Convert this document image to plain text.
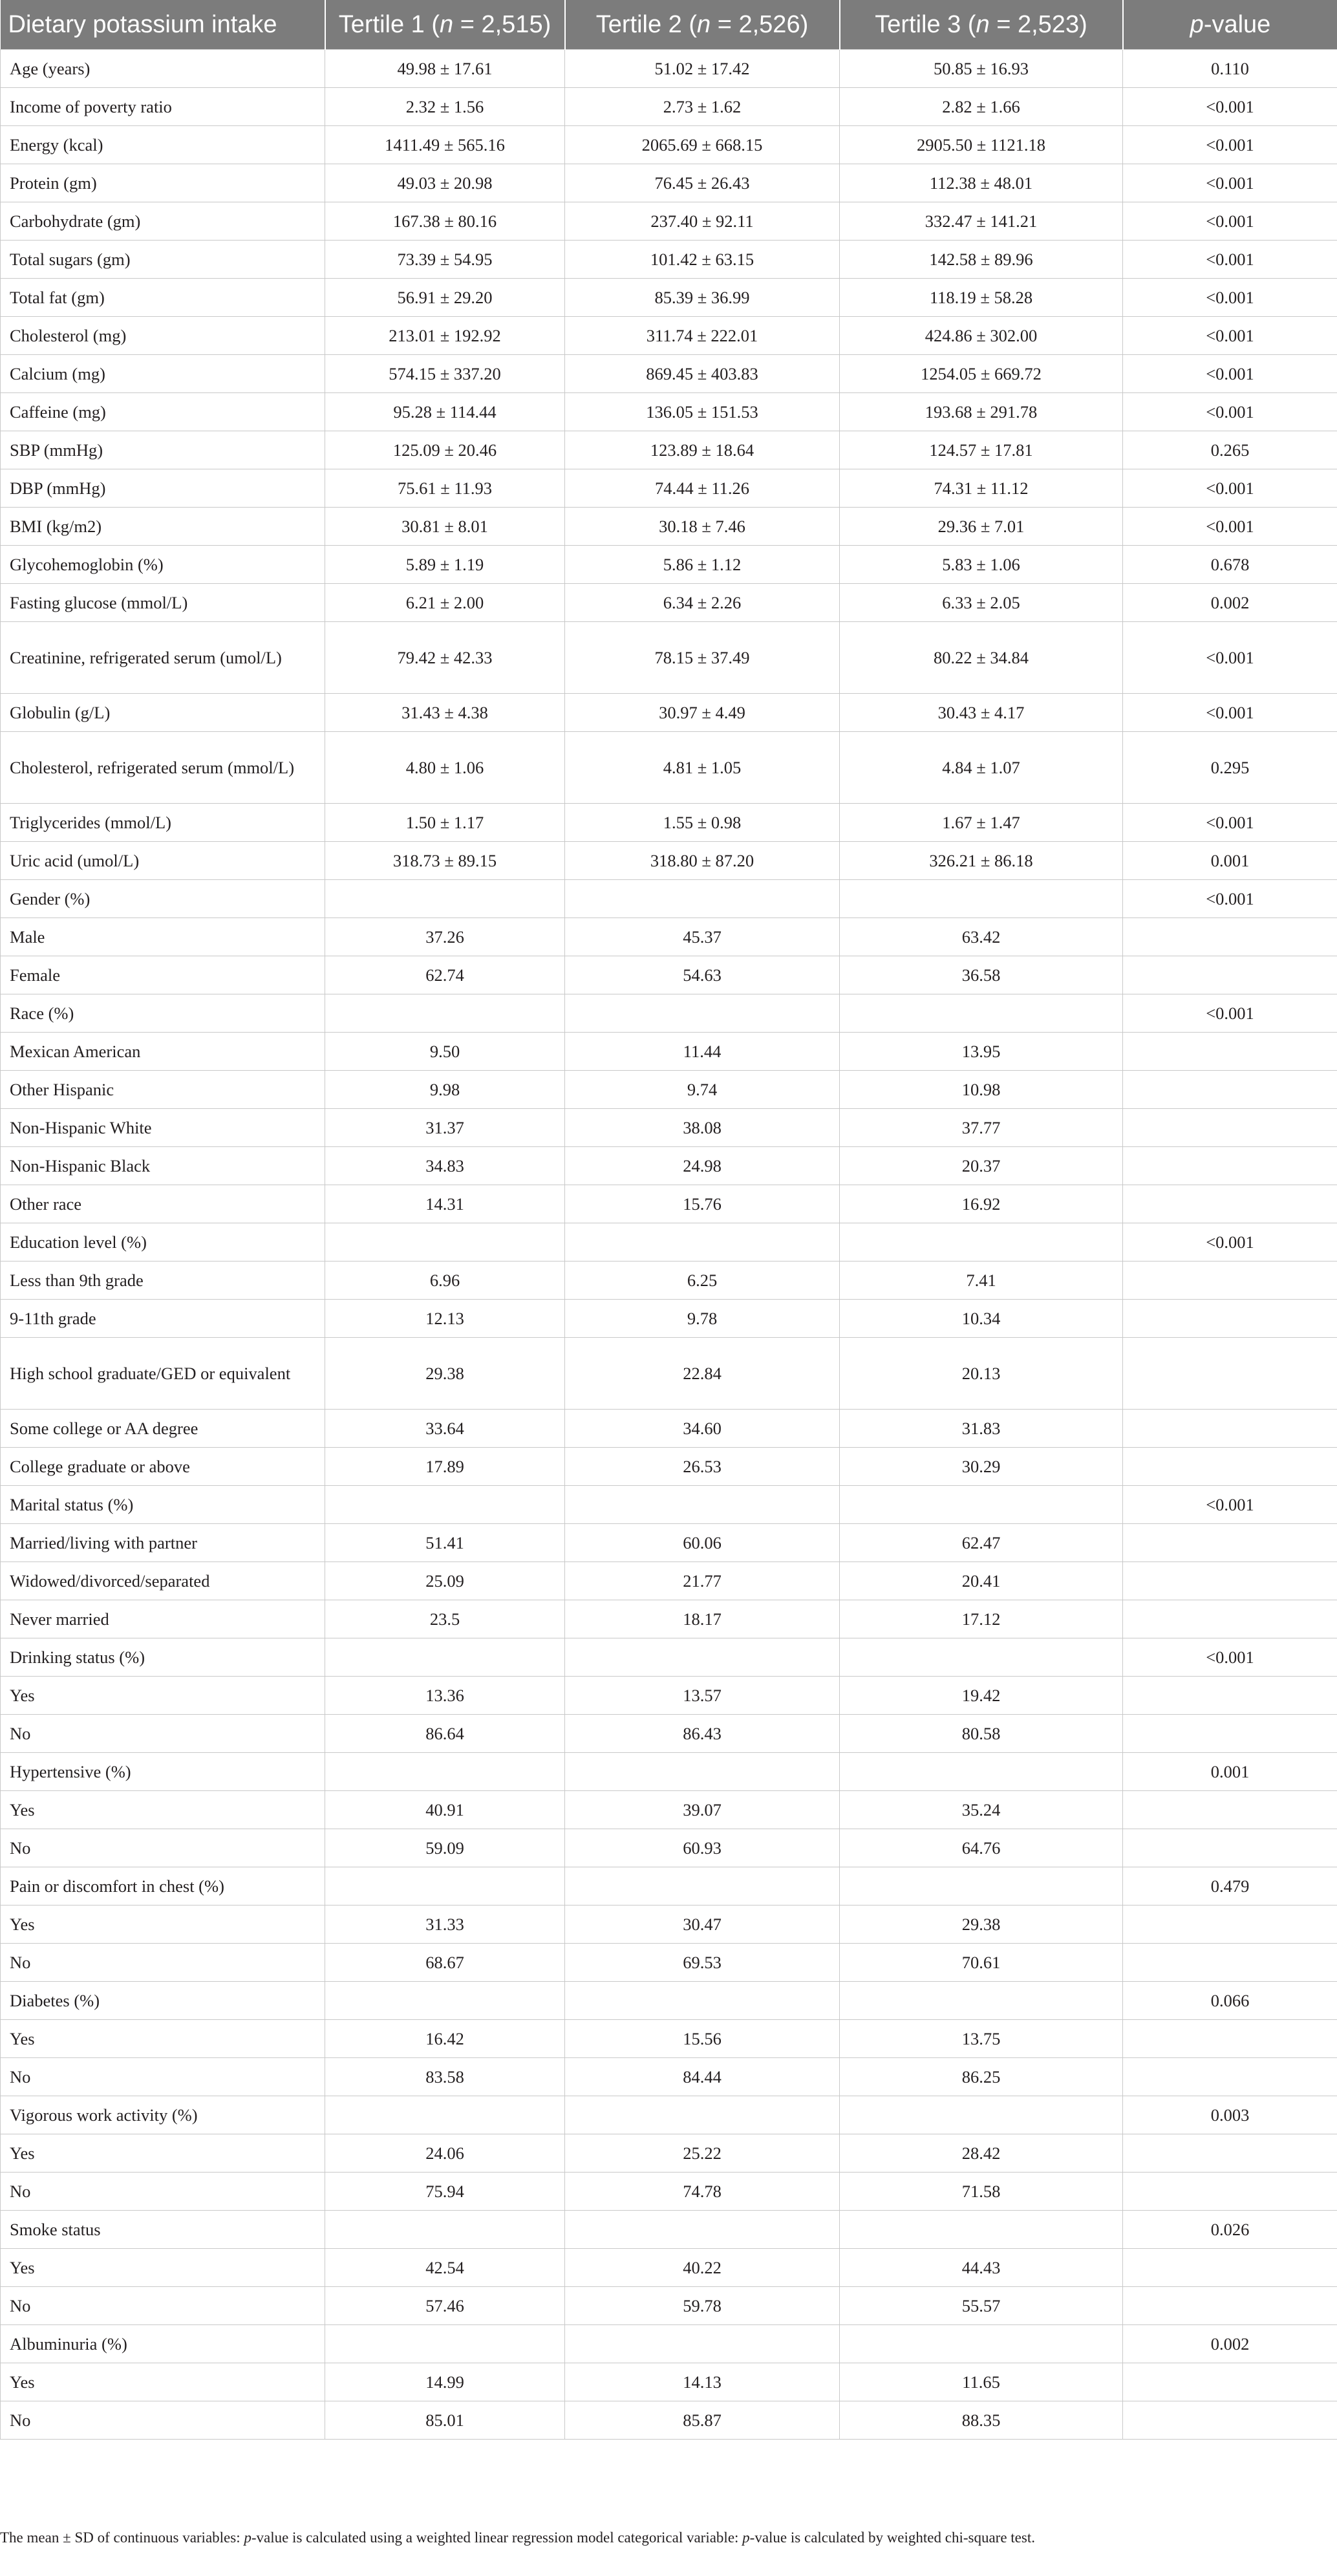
Dietary potassium intake	Tertile 1 (n = 2,515)	Tertile 2 (n = 2,526)	Tertile 3 (n = 2,523)	p-value
Age (years)	49.98 ± 17.61	51.02 ± 17.42	50.85 ± 16.93	0.110
Income of poverty ratio	2.32 ± 1.56	2.73 ± 1.62	2.82 ± 1.66	<0.001
Energy (kcal)	1411.49 ± 565.16	2065.69 ± 668.15	2905.50 ± 1121.18	<0.001
Protein (gm)	49.03 ± 20.98	76.45 ± 26.43	112.38 ± 48.01	<0.001
Carbohydrate (gm)	167.38 ± 80.16	237.40 ± 92.11	332.47 ± 141.21	<0.001
Total sugars (gm)	73.39 ± 54.95	101.42 ± 63.15	142.58 ± 89.96	<0.001
Total fat (gm)	56.91 ± 29.20	85.39 ± 36.99	118.19 ± 58.28	<0.001
Cholesterol (mg)	213.01 ± 192.92	311.74 ± 222.01	424.86 ± 302.00	<0.001
Calcium (mg)	574.15 ± 337.20	869.45 ± 403.83	1254.05 ± 669.72	<0.001
Caffeine (mg)	95.28 ± 114.44	136.05 ± 151.53	193.68 ± 291.78	<0.001
SBP (mmHg)	125.09 ± 20.46	123.89 ± 18.64	124.57 ± 17.81	0.265
DBP (mmHg)	75.61 ± 11.93	74.44 ± 11.26	74.31 ± 11.12	<0.001
BMI (kg/m2)	30.81 ± 8.01	30.18 ± 7.46	29.36 ± 7.01	<0.001
Glycohemoglobin (%)	5.89 ± 1.19	5.86 ± 1.12	5.83 ± 1.06	0.678
Fasting glucose (mmol/L)	6.21 ± 2.00	6.34 ± 2.26	6.33 ± 2.05	0.002
Creatinine, refrigerated serum (umol/L)	79.42 ± 42.33	78.15 ± 37.49	80.22 ± 34.84	<0.001
Globulin (g/L)	31.43 ± 4.38	30.97 ± 4.49	30.43 ± 4.17	<0.001
Cholesterol, refrigerated serum (mmol/L)	4.80 ± 1.06	4.81 ± 1.05	4.84 ± 1.07	0.295
Triglycerides (mmol/L)	1.50 ± 1.17	1.55 ± 0.98	1.67 ± 1.47	<0.001
Uric acid (umol/L)	318.73 ± 89.15	318.80 ± 87.20	326.21 ± 86.18	0.001
Gender (%)				<0.001
Male	37.26	45.37	63.42	
Female	62.74	54.63	36.58	
Race (%)				<0.001
Mexican American	9.50	11.44	13.95	
Other Hispanic	9.98	9.74	10.98	
Non-Hispanic White	31.37	38.08	37.77	
Non-Hispanic Black	34.83	24.98	20.37	
Other race	14.31	15.76	16.92	
Education level (%)				<0.001
Less than 9th grade	6.96	6.25	7.41	
9-11th grade	12.13	9.78	10.34	
High school graduate/GED or equivalent	29.38	22.84	20.13	
Some college or AA degree	33.64	34.60	31.83	
College graduate or above	17.89	26.53	30.29	
Marital status (%)				<0.001
Married/living with partner	51.41	60.06	62.47	
Widowed/divorced/separated	25.09	21.77	20.41	
Never married	23.5	18.17	17.12	
Drinking status (%)				<0.001
Yes	13.36	13.57	19.42	
No	86.64	86.43	80.58	
Hypertensive (%)				0.001
Yes	40.91	39.07	35.24	
No	59.09	60.93	64.76	
Pain or discomfort in chest (%)				0.479
Yes	31.33	30.47	29.38	
No	68.67	69.53	70.61	
Diabetes (%)				0.066
Yes	16.42	15.56	13.75	
No	83.58	84.44	86.25	
Vigorous work activity (%)				0.003
Yes	24.06	25.22	28.42	
No	75.94	74.78	71.58	
Smoke status				0.026
Yes	42.54	40.22	44.43	
No	57.46	59.78	55.57	
Albuminuria (%)				0.002
Yes	14.99	14.13	11.65	
No	85.01	85.87	88.35	
The mean ± SD of continuous variables: p-value is calculated using a weighted linear regression model categorical variable: p-value is calculated by weighted chi-square test.
